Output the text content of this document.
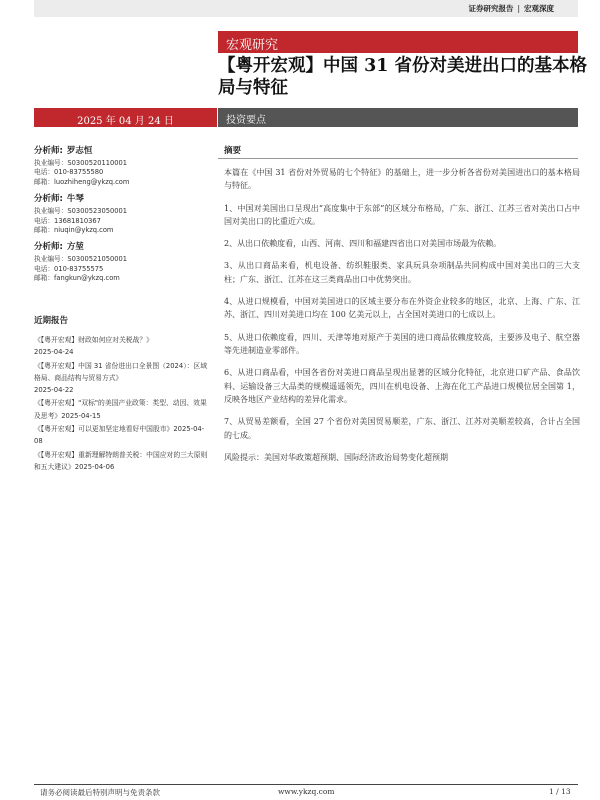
证券研究报告 | 宏观深度
宏观研究
【粤开宏观】中国 31 省份对美进出口的基本格局与特征
2025 年 04 月 24 日	投资要点
分析师: 罗志恒
执业编号：S0300520110001
电话：010-83755580
邮箱：luozhiheng@ykzq.com
分析师: 牛琴
执业编号：S0300523050001
电话：13681810367
邮箱：niuqin@ykzq.com
分析师: 方堃
执业编号：S0300521050001
电话：010-83755575
邮箱：fangkun@ykzq.com
近期报告
《【粤开宏观】财政如何应对关税战？》
2025-04-24
《【粤开宏观】中国 31 省份进出口全景图（2024）：区域格局、商品结构与贸易方式》
2025-04-22
《【粤开宏观】"双标"的美国产业政策：类型、动因、效果及思考》2025-04-15
《【粤开宏观】可以更加坚定地看好中国股市》2025-04-08
《【粤开宏观】重新理解特朗普关税：中国应对的三大原则和五大建议》2025-04-06
摘要

本篇在《中国 31 省份对外贸易的七个特征》的基础上，进一步分析各省份对美国进出口的基本格局与特征。

1、中国对美国出口呈现出“高度集中于东部”的区域分布格局，广东、浙江、江苏三省对美出口占中国对美出口的比重近六成。

2、从出口依赖度看，山西、河南、四川和福建四省出口对美国市场最为依赖。

3、从出口商品来看，机电设备、纺织鞋服类、家具玩具杂项制品共同构成中国对美出口的三大支柱；广东、浙江、江苏在这三类商品出口中优势突出。

4、从进口规模看，中国对美国进口的区域主要分布在外资企业较多的地区，北京、上海、广东、江苏、浙江、四川对美进口均在 100 亿美元以上，占全国对美进口的七成以上。

5、从进口依赖度看，四川、天津等地对原产于美国的进口商品依赖度较高，主要涉及电子、航空器等先进制造业零部件。

6、从进口商品看，中国各省份对美进口商品呈现出显著的区域分化特征，北京进口矿产品、食品饮料、运输设备三大品类的规模遥遥领先，四川在机电设备、上海在化工产品进口规模位居全国第 1，反映各地区产业结构的差异化需求。

7、从贸易差额看，全国 27 个省份对美国贸易顺差，广东、浙江、江苏对美顺差较高，合计占全国的七成。

风险提示：美国对华政策超预期、国际经济政治局势变化超预期

请务必阅读最后特别声明与免责条款	www.ykzq.com	1 / 13
